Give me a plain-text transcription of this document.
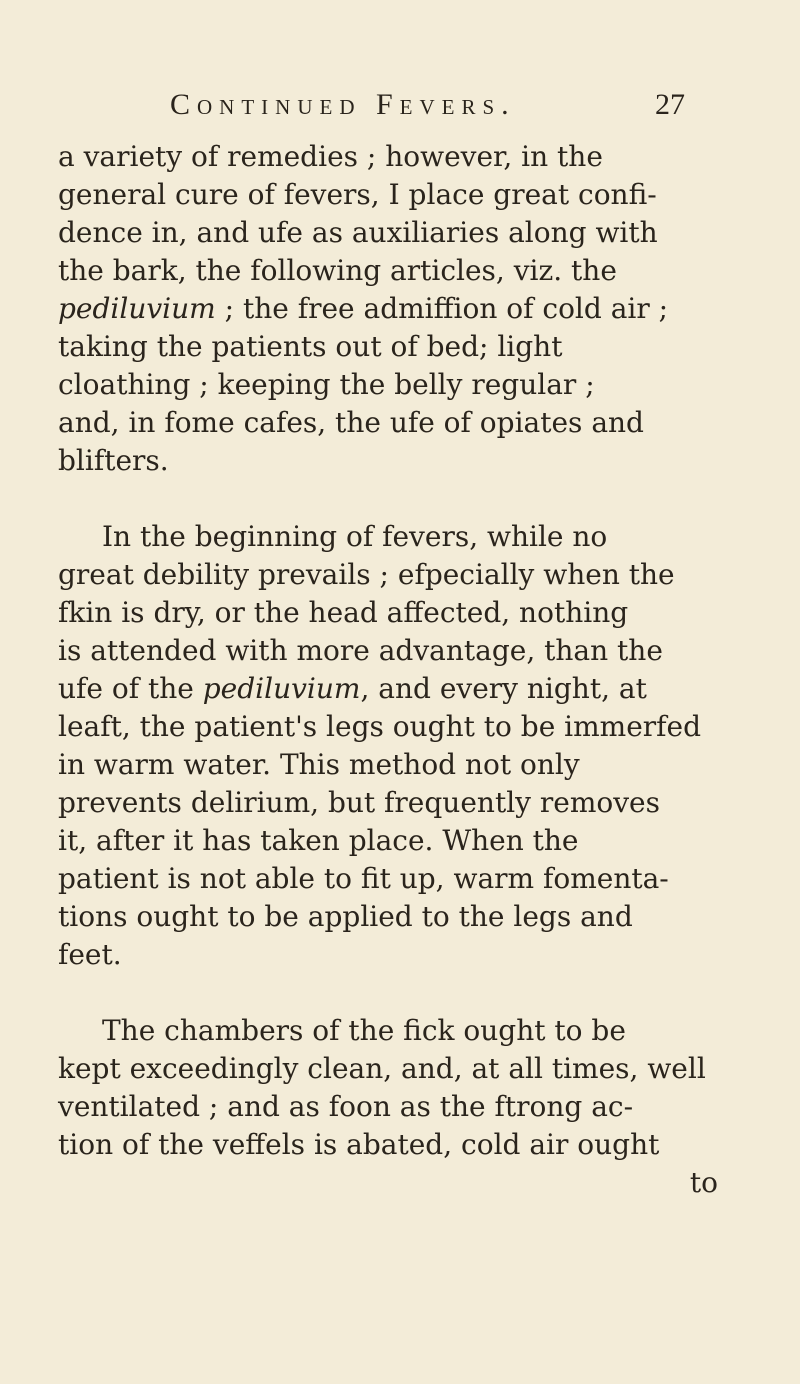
Continued Fevers.	27
a variety of remedies ; however, in the
general cure of fevers, I place great confi-
dence in, and ufe as auxiliaries along with
the bark, the following articles, viz. the
pediluvium ; the free admiffion of cold air ;
taking the patients out of bed; light
cloathing ; keeping the belly regular ;
and, in fome cafes, the ufe of opiates and
blifters.
In the beginning of fevers, while no
great debility prevails ; efpecially when the
fkin is dry, or the head affected, nothing
is attended with more advantage, than the
ufe of the pediluvium , and every night, at
leaft, the patient's legs ought to be immerfed
in warm water. This method not only
prevents delirium, but frequently removes
it, after it has taken place. When the
patient is not able to fit up, warm fomenta-
tions ought to be applied to the legs and
feet.
The chambers of the fick ought to be
kept exceedingly clean, and, at all times, well
ventilated ; and as foon as the ftrong ac-
tion of the veffels is abated, cold air ought
to
